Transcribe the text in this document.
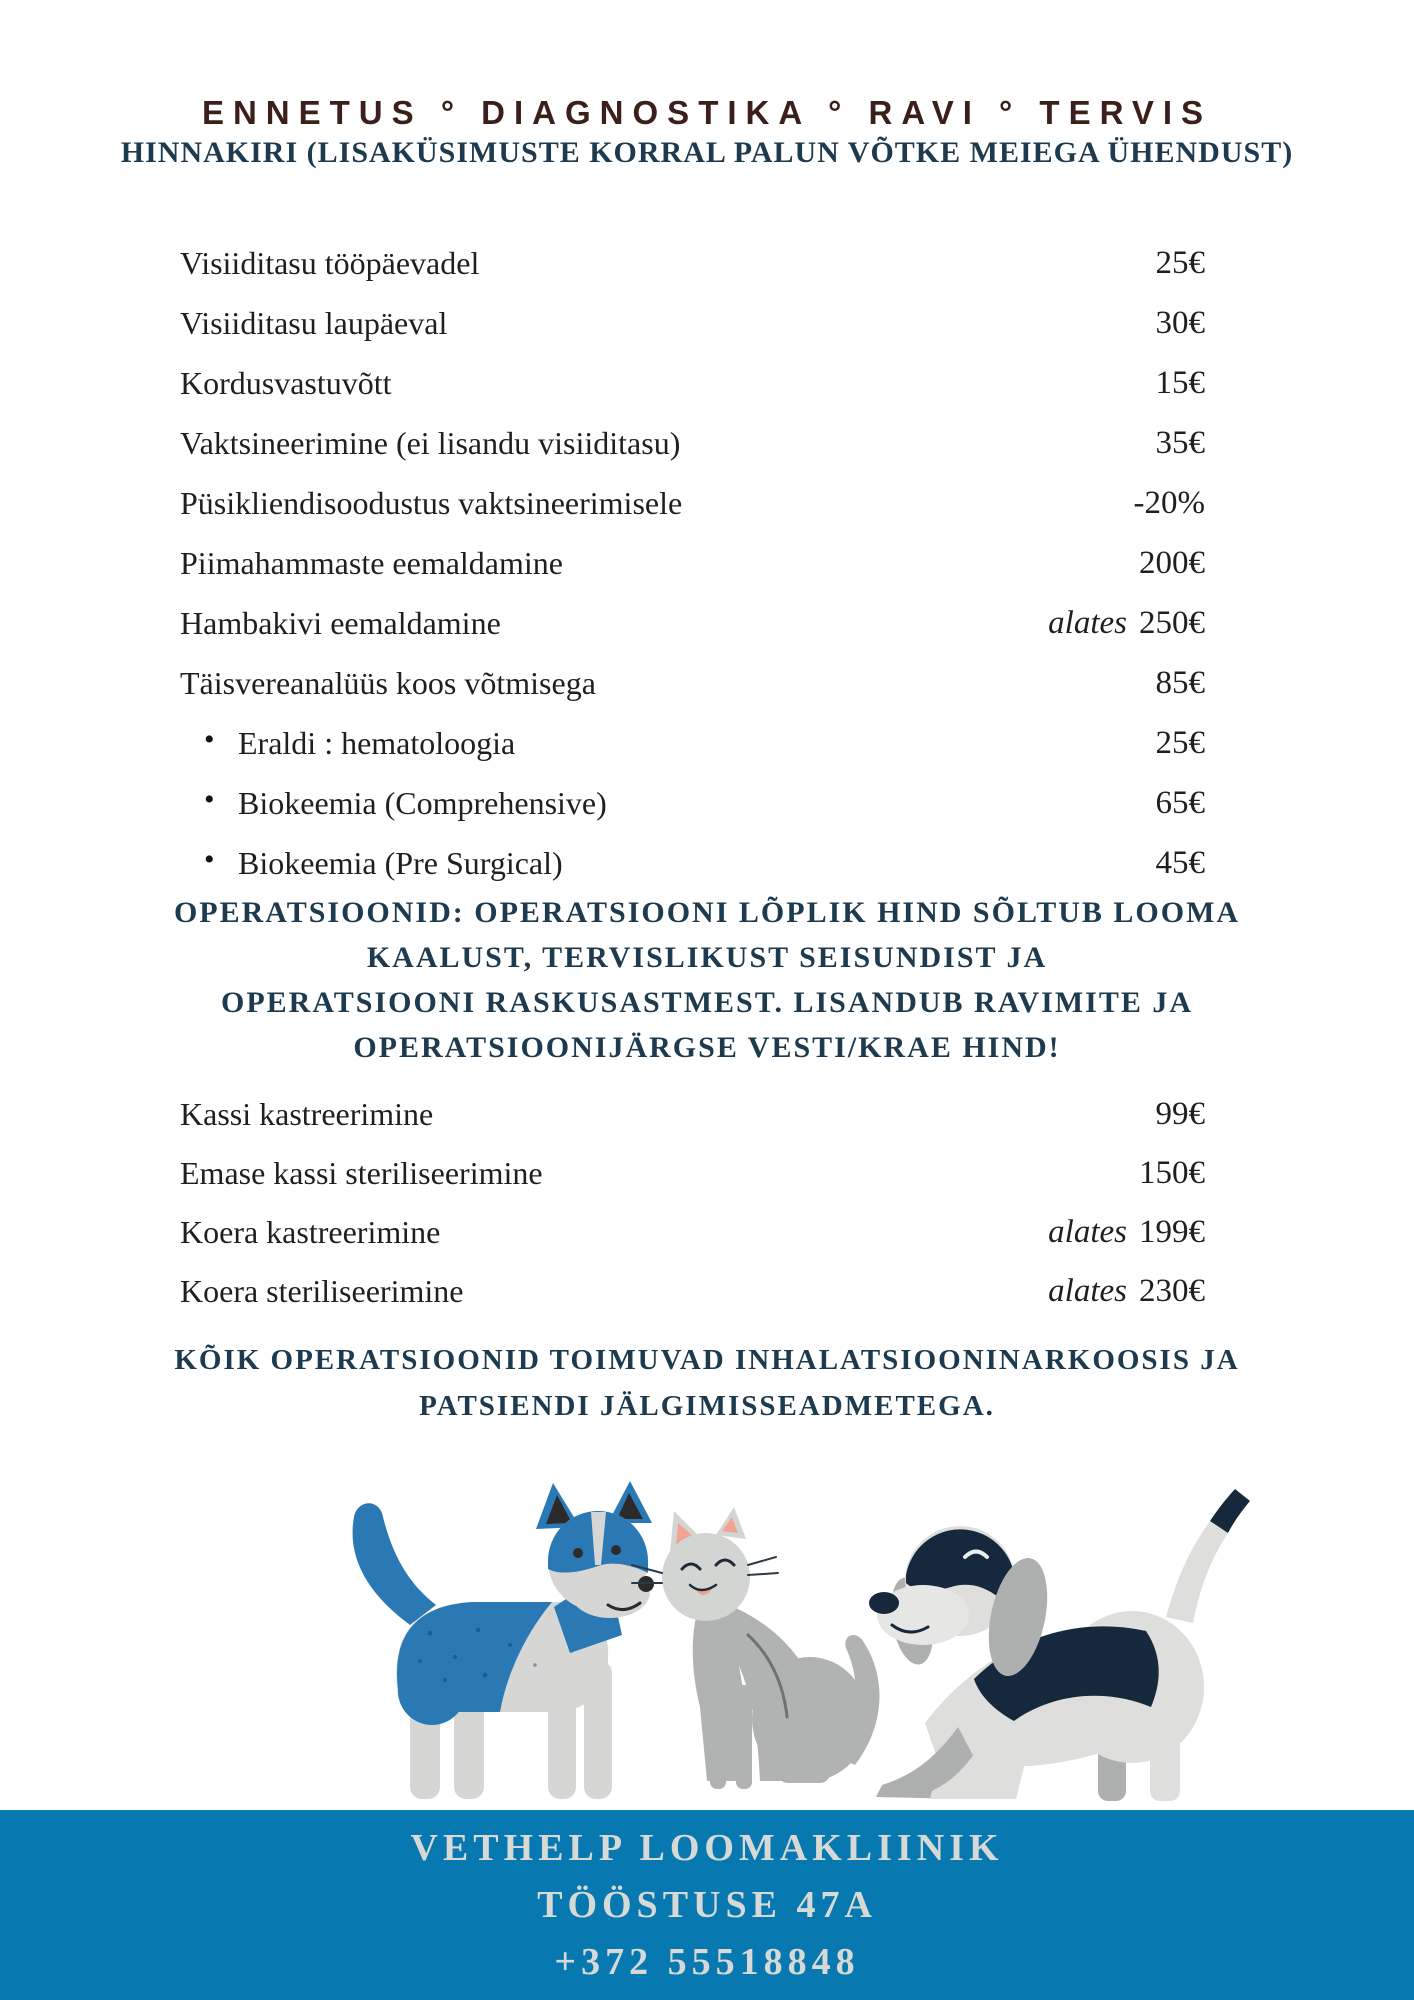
ENNETUS ° DIAGNOSTIKA ° RAVI ° TERVIS
HINNAKIRI (LISAKÜSIMUSTE KORRAL PALUN VÕTKE MEIEGA ÜHENDUST)
Visiiditasu tööpäevadel	25€
Visiiditasu laupäeval	30€
Kordusvastuvõtt	15€
Vaktsineerimine (ei lisandu visiiditasu)	35€
Püsikliendisoodustus vaktsineerimisele	-20%
Piimahammaste eemaldamine	200€
Hambakivi eemaldamine	alates 250€
Täisvereanalüüs koos võtmisega	85€
• Eraldi : hematoloogia	25€
• Biokeemia (Comprehensive)	65€
• Biokeemia (Pre Surgical)	45€
OPERATSIOONID: OPERATSIOONI LÕPLIK HIND SÕLTUB LOOMA
KAALUST, TERVISLIKUST SEISUNDIST JA
OPERATSIOONI RASKUSASTMEST. LISANDUB RAVIMITE JA
OPERATSIOONIJÄRGSE VESTI/KRAE HIND!
Kassi kastreerimine	99€
Emase kassi steriliseerimine	150€
Koera kastreerimine	alates 199€
Koera steriliseerimine	alates 230€
KÕIK OPERATSIOONID TOIMUVAD INHALATSIOONINARKOOSIS JA
PATSIENDI JÄLGIMISSEADMETEGA.
VETHELP LOOMAKLIINIK
TÖÖSTUSE 47A
+372 55518848
